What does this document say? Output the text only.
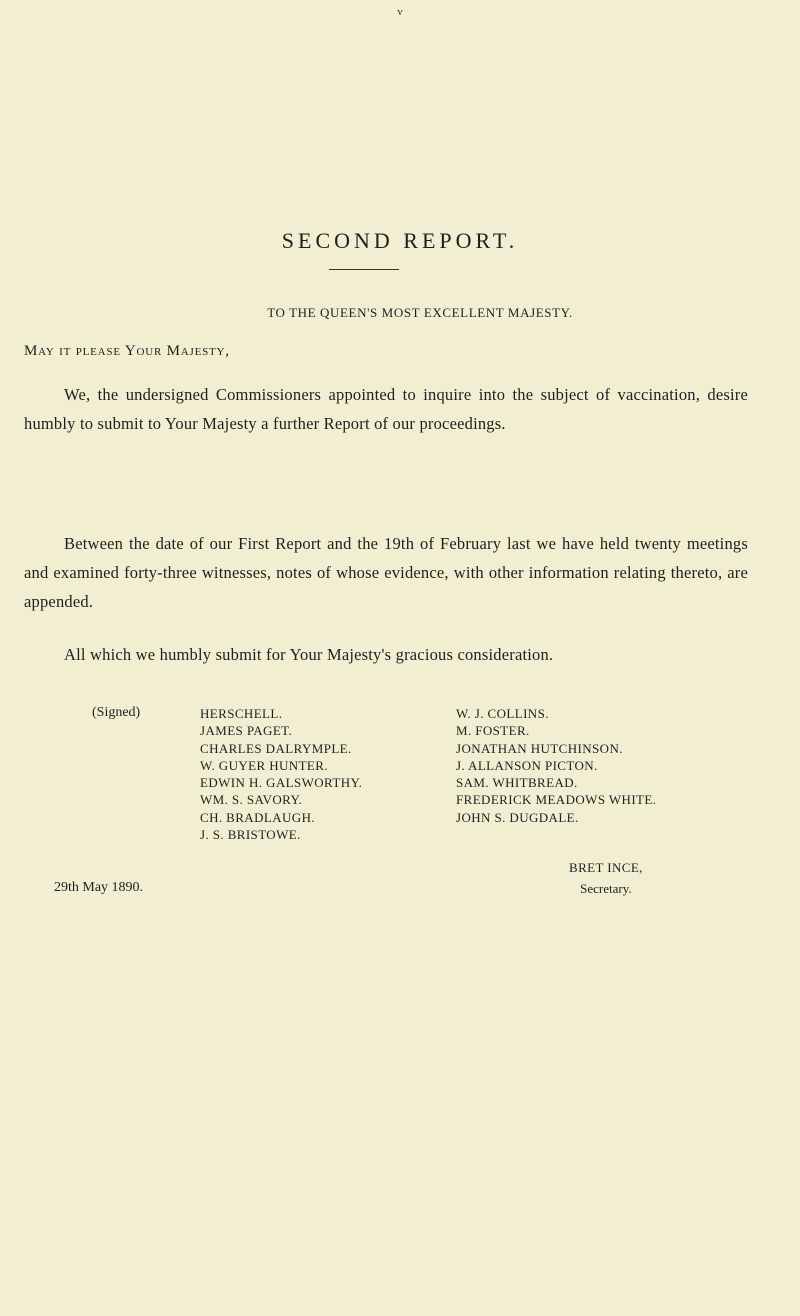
v
SECOND REPORT.
TO THE QUEEN'S MOST EXCELLENT MAJESTY.
May it please Your Majesty,
We, the undersigned Commissioners appointed to inquire into the subject of vaccination, desire humbly to submit to Your Majesty a further Report of our proceedings.
Between the date of our First Report and the 19th of February last we have held twenty meetings and examined forty-three witnesses, notes of whose evidence, with other information relating thereto, are appended.
All which we humbly submit for Your Majesty's gracious consideration.
(Signed)	HERSCHELL.
JAMES PAGET.
CHARLES DALRYMPLE.
W. GUYER HUNTER.
EDWIN H. GALSWORTHY.
WM. S. SAVORY.
CH. BRADLAUGH.
J. S. BRISTOWE.
W. J. COLLINS.
M. FOSTER.
JONATHAN HUTCHINSON.
J. ALLANSON PICTON.
SAM. WHITBREAD.
FREDERICK MEADOWS WHITE.
JOHN S. DUGDALE.
BRET INCE,
Secretary.
29th May 1890.
